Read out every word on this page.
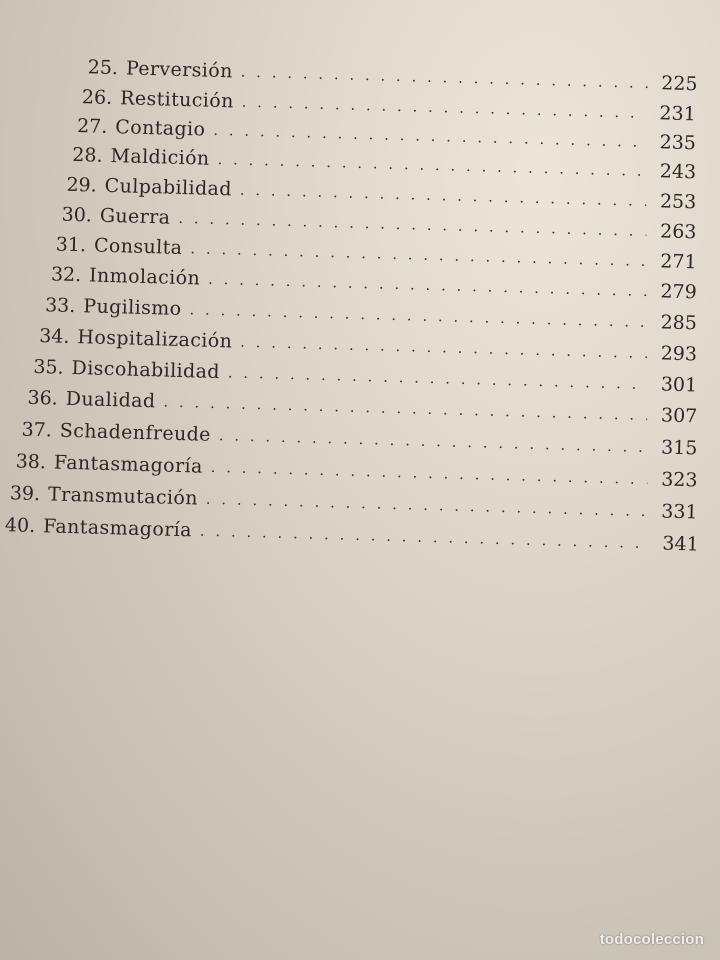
25. Perversión
. . .
225
26. Restitución
. . .
231
27. Contagio
. . .
235
28. Maldición
. . .
243
29. Culpabilidad
. . .
253
30. Guerra
. . .
263
31. Consulta
. . .
271
32. Inmolación
. . .
279
33. Pugilismo
. . .
285
34. Hospitalización
. . .
293
35. Discohabilidad
. . .
301
36. Dualidad
. . .
307
37. Schadenfreude
. . .
315
38. Fantasmagoría
. . .
323
39. Transmutación
. . .
331
40. Fantasmagoría
. . .
341
todocoleccion
